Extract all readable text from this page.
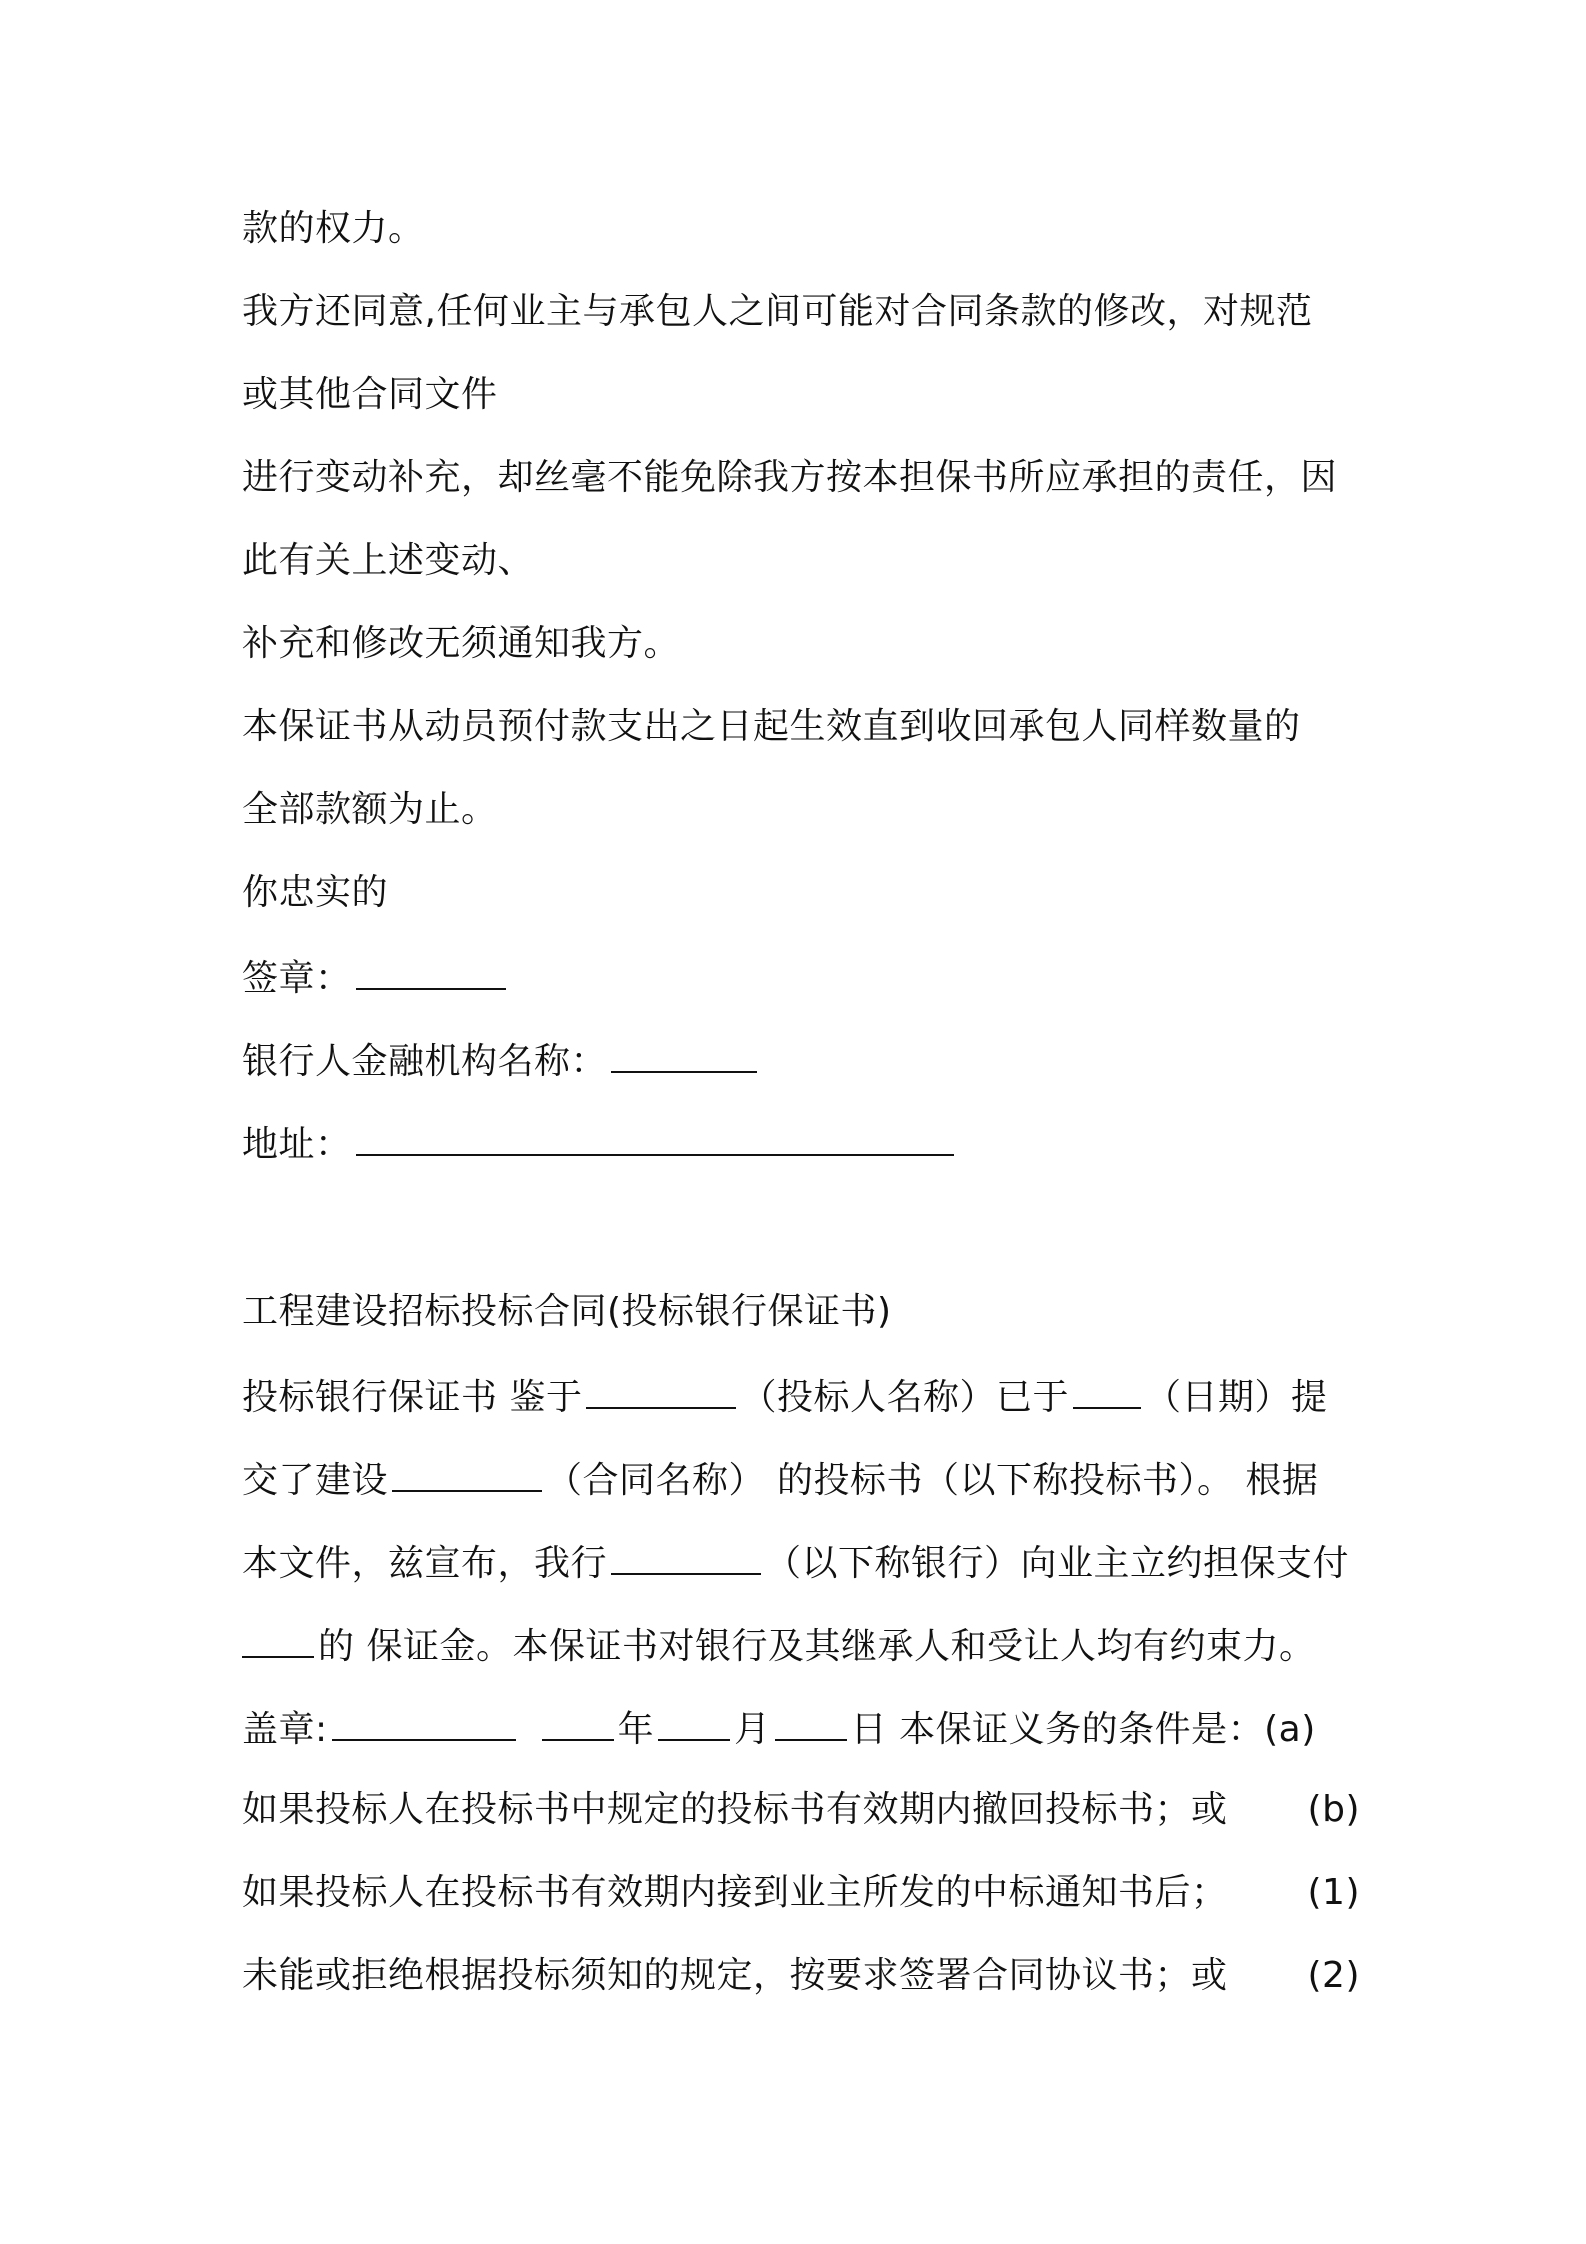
款的权力。
我方还同意,任何业主与承包人之间可能对合同条款的修改，对规范
或其他合同文件
进行变动补充，却丝毫不能免除我方按本担保书所应承担的责任，因
此有关上述变动、
补充和修改无须通知我方。
本保证书从动员预付款支出之日起生效直到收回承包人同样数量的
全部款额为止。
你忠实的
签章：
银行人金融机构名称：
地址：
工程建设招标投标合同(投标银行保证书)
投标银行保证书 鉴于	（投标人名称）已于 （日期）提
交了建设	（合同名称） 的投标书（以下称投标书）。 根据
本文件，兹宣布，我行	（以下称银行）向业主立约担保支付
的 保证金。本保证书对银行及其继承人和受让人均有约束力。
盖章:	年 月 日 本保证义务的条件是：(a)
如果投标人在投标书中规定的投标书有效期内撤回投标书；或 (b)
如果投标人在投标书有效期内接到业主所发的中标通知书后； (1)
未能或拒绝根据投标须知的规定，按要求签署合同协议书；或 (2)
